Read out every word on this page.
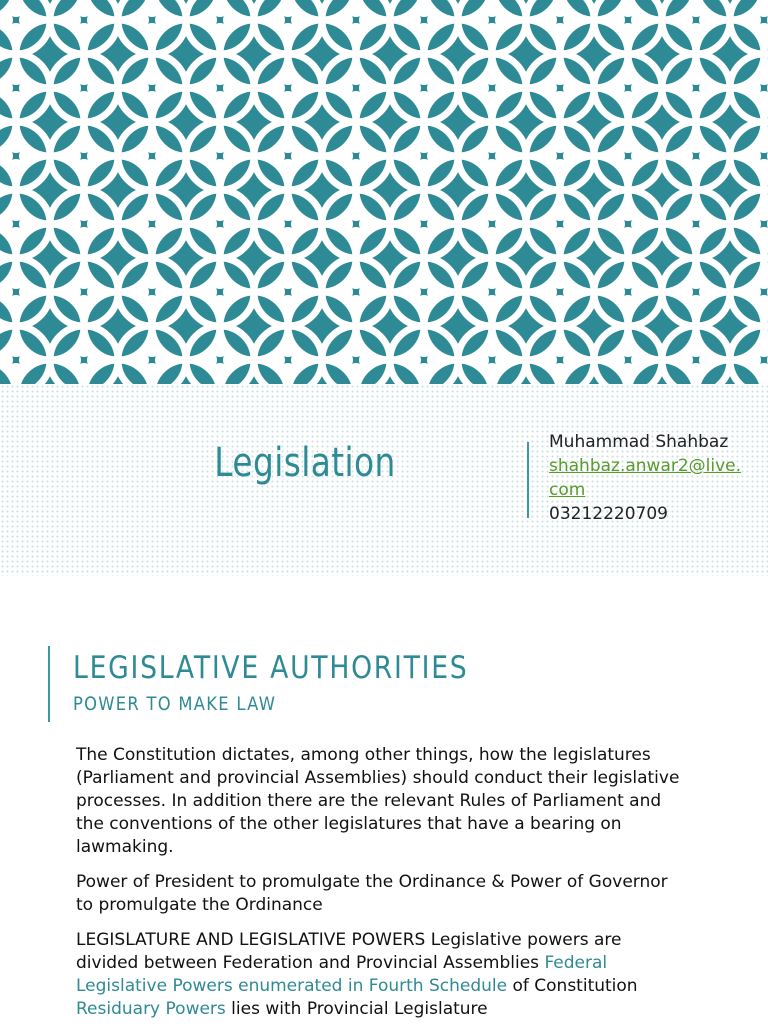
Legislation	Muhammad Shahbaz
shahbaz.anwar2@live.com
03212220709
LEGISLATIVE AUTHORITIES
POWER TO MAKE LAW

The Constitution dictates, among other things, how the legislatures (Parliament and provincial Assemblies) should conduct their legislative processes. In addition there are the relevant Rules of Parliament and the conventions of the other legislatures that have a bearing on lawmaking.

Power of President to promulgate the Ordinance & Power of Governor to promulgate the Ordinance

LEGISLATURE AND LEGISLATIVE POWERS Legislative powers are divided between Federation and Provincial Assemblies Federal Legislative Powers enumerated in Fourth Schedule of Constitution Residuary Powers lies with Provincial Legislature
